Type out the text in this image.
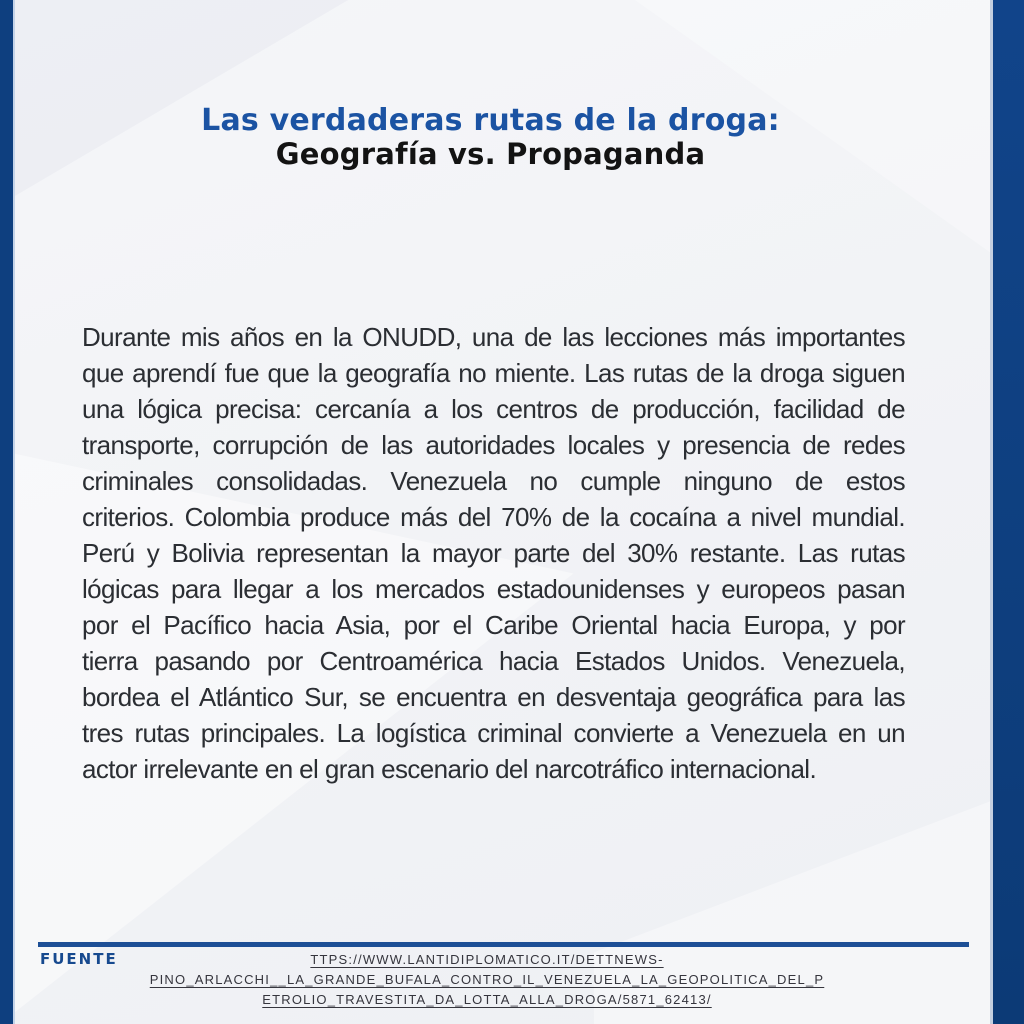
Las verdaderas rutas de la droga:
Geografía vs. Propaganda
Durante mis años en la ONUDD, una de las lecciones más importantes
que aprendí fue que la geografía no miente. Las rutas de la droga siguen
una lógica precisa: cercanía a los centros de producción, facilidad de
transporte, corrupción de las autoridades locales y presencia de redes
criminales consolidadas. Venezuela no cumple ninguno de estos
criterios. Colombia produce más del 70% de la cocaína a nivel mundial.
Perú y Bolivia representan la mayor parte del 30% restante. Las rutas
lógicas para llegar a los mercados estadounidenses y europeos pasan
por el Pacífico hacia Asia, por el Caribe Oriental hacia Europa, y por
tierra pasando por Centroamérica hacia Estados Unidos. Venezuela,
bordea el Atlántico Sur, se encuentra en desventaja geográfica para las
tres rutas principales. La logística criminal convierte a Venezuela en un
actor irrelevante en el gran escenario del narcotráfico internacional.
FUENTE	TTPS://WWW.LANTIDIPLOMATICO.IT/DETTNEWS-
PINO_ARLACCHI__LA_GRANDE_BUFALA_CONTRO_IL_VENEZUELA_LA_GEOPOLITICA_DEL_P
ETROLIO_TRAVESTITA_DA_LOTTA_ALLA_DROGA/5871_62413/
